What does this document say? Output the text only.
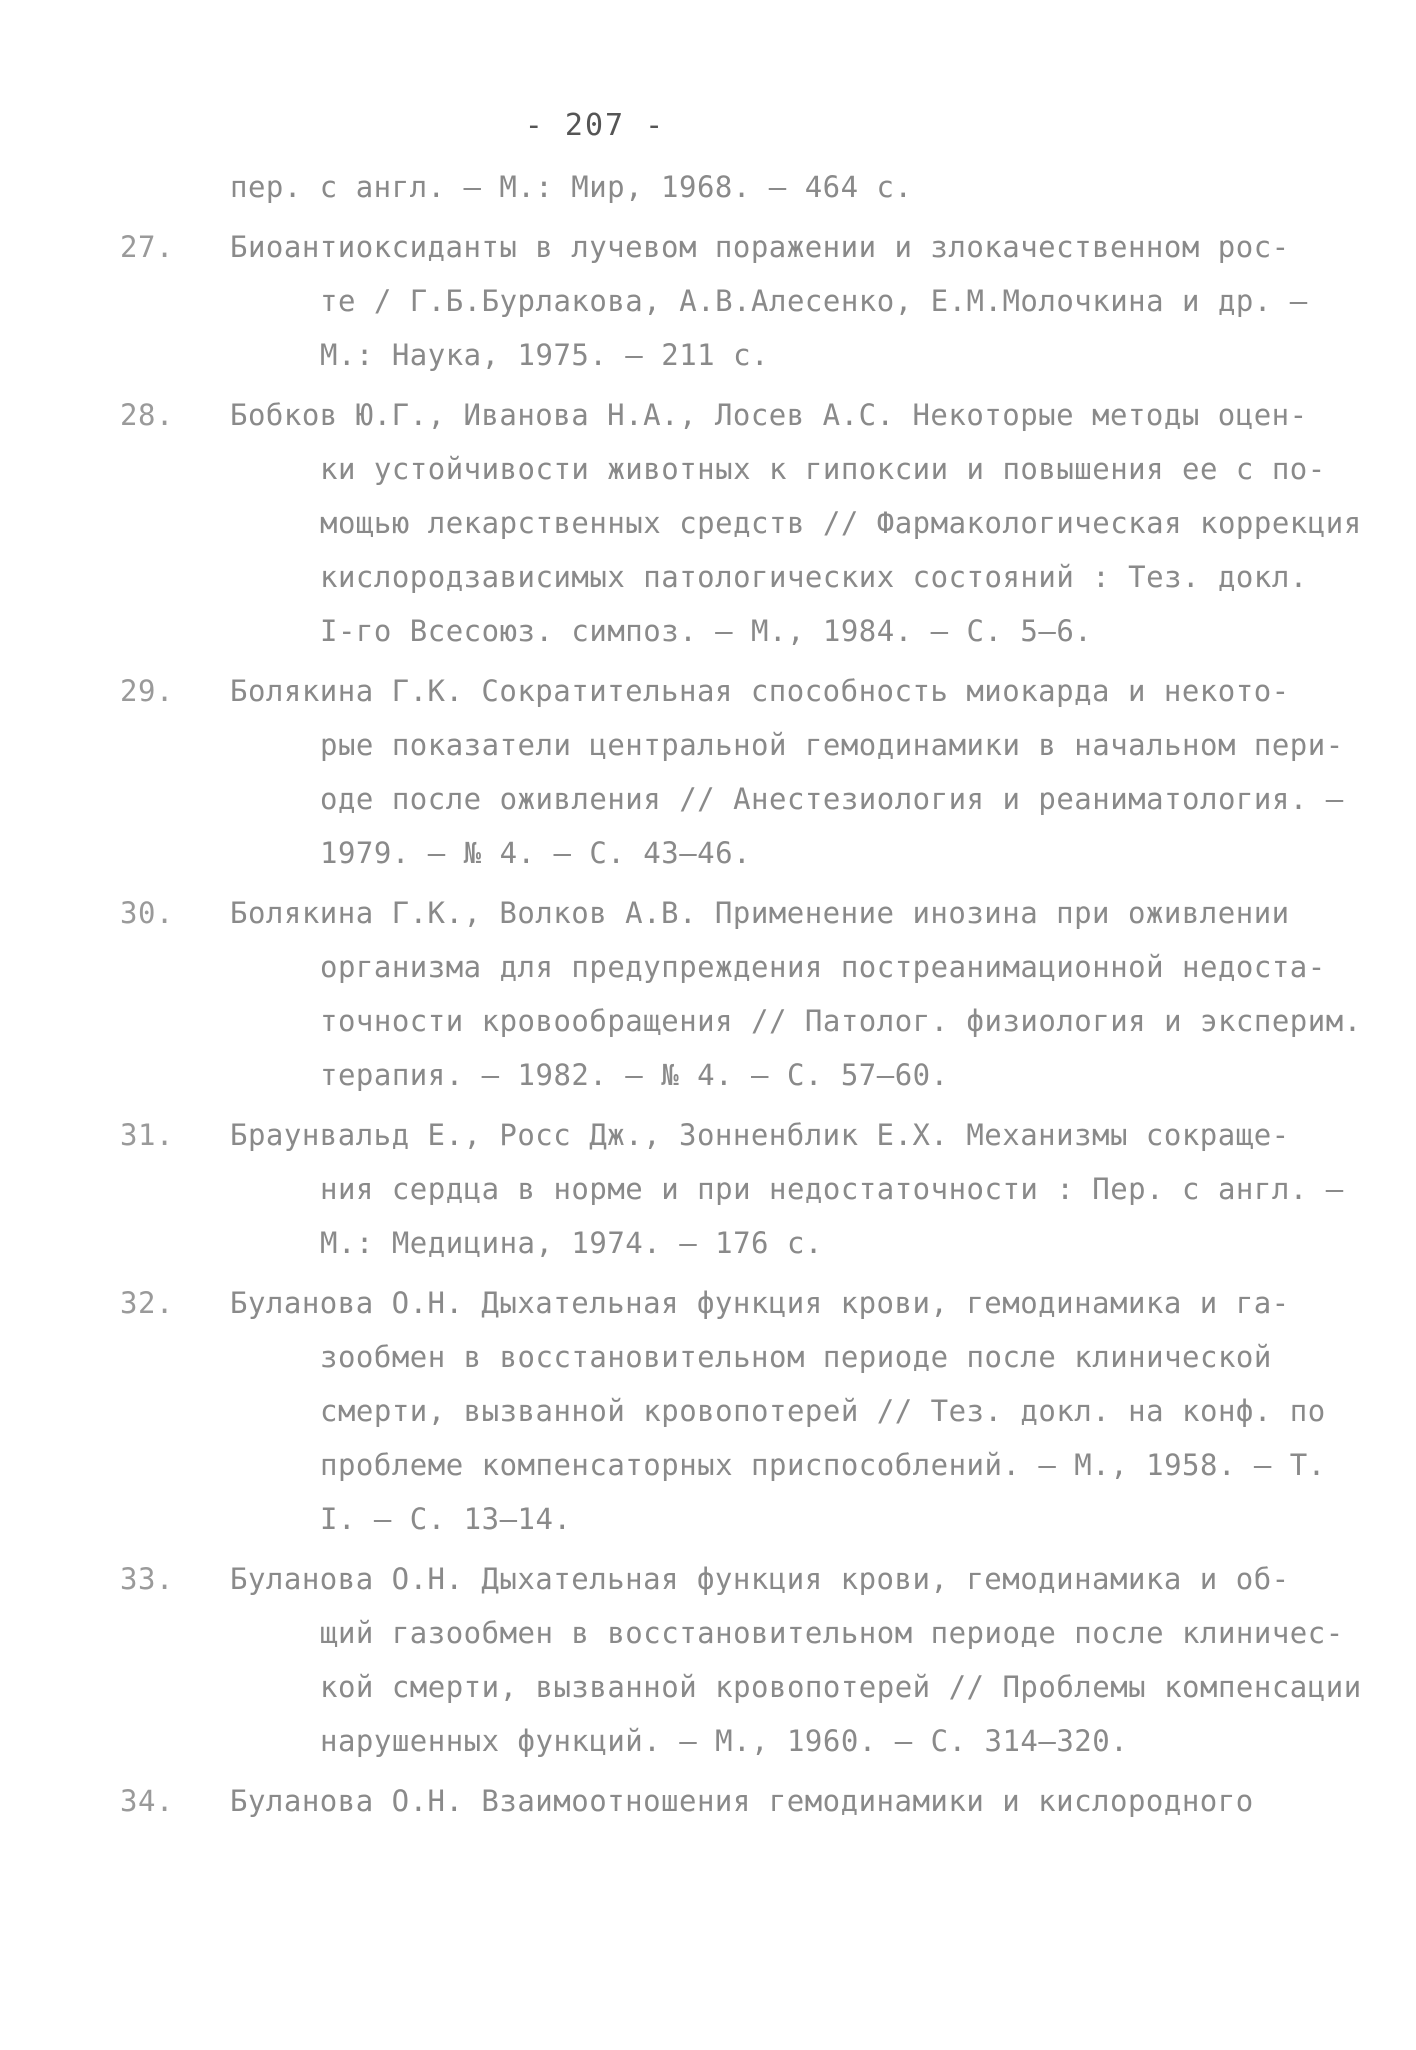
- 207 -
пер. с англ. – М.: Мир, 1968. – 464 с.
27.	Биоантиоксиданты в лучевом поражении и злокачественном рос-
те / Г.Б.Бурлакова, А.В.Алесенко, Е.М.Молочкина и др. –
М.: Наука, 1975. – 211 с.
28.	Бобков Ю.Г., Иванова Н.А., Лосев А.С. Некоторые методы оцен-
ки устойчивости животных к гипоксии и повышения ее с по-
мощью лекарственных средств // Фармакологическая коррекция
кислородзависимых патологических состояний : Тез. докл.
I-го Всесоюз. симпоз. – М., 1984. – С. 5–6.
29.	Болякина Г.К. Сократительная способность миокарда и некото-
рые показатели центральной гемодинамики в начальном пери-
оде после оживления // Анестезиология и реаниматология. –
1979. – № 4. – С. 43–46.
30.	Болякина Г.К., Волков А.В. Применение инозина при оживлении
организма для предупреждения постреанимационной недоста-
точности кровообращения // Патолог. физиология и эксперим.
терапия. – 1982. – № 4. – С. 57–60.
31.	Браунвальд Е., Росс Дж., Зонненблик Е.Х. Механизмы сокраще-
ния сердца в норме и при недостаточности : Пер. с англ. –
М.: Медицина, 1974. – 176 с.
32.	Буланова О.Н. Дыхательная функция крови, гемодинамика и га-
зообмен в восстановительном периоде после клинической
смерти, вызванной кровопотерей // Тез. докл. на конф. по
проблеме компенсаторных приспособлений. – М., 1958. – Т.
I. – С. 13–14.
33.	Буланова О.Н. Дыхательная функция крови, гемодинамика и об-
щий газообмен в восстановительном периоде после клиничес-
кой смерти, вызванной кровопотерей // Проблемы компенсации
нарушенных функций. – М., 1960. – С. 314–320.
34.	Буланова О.Н. Взаимоотношения гемодинамики и кислородного
